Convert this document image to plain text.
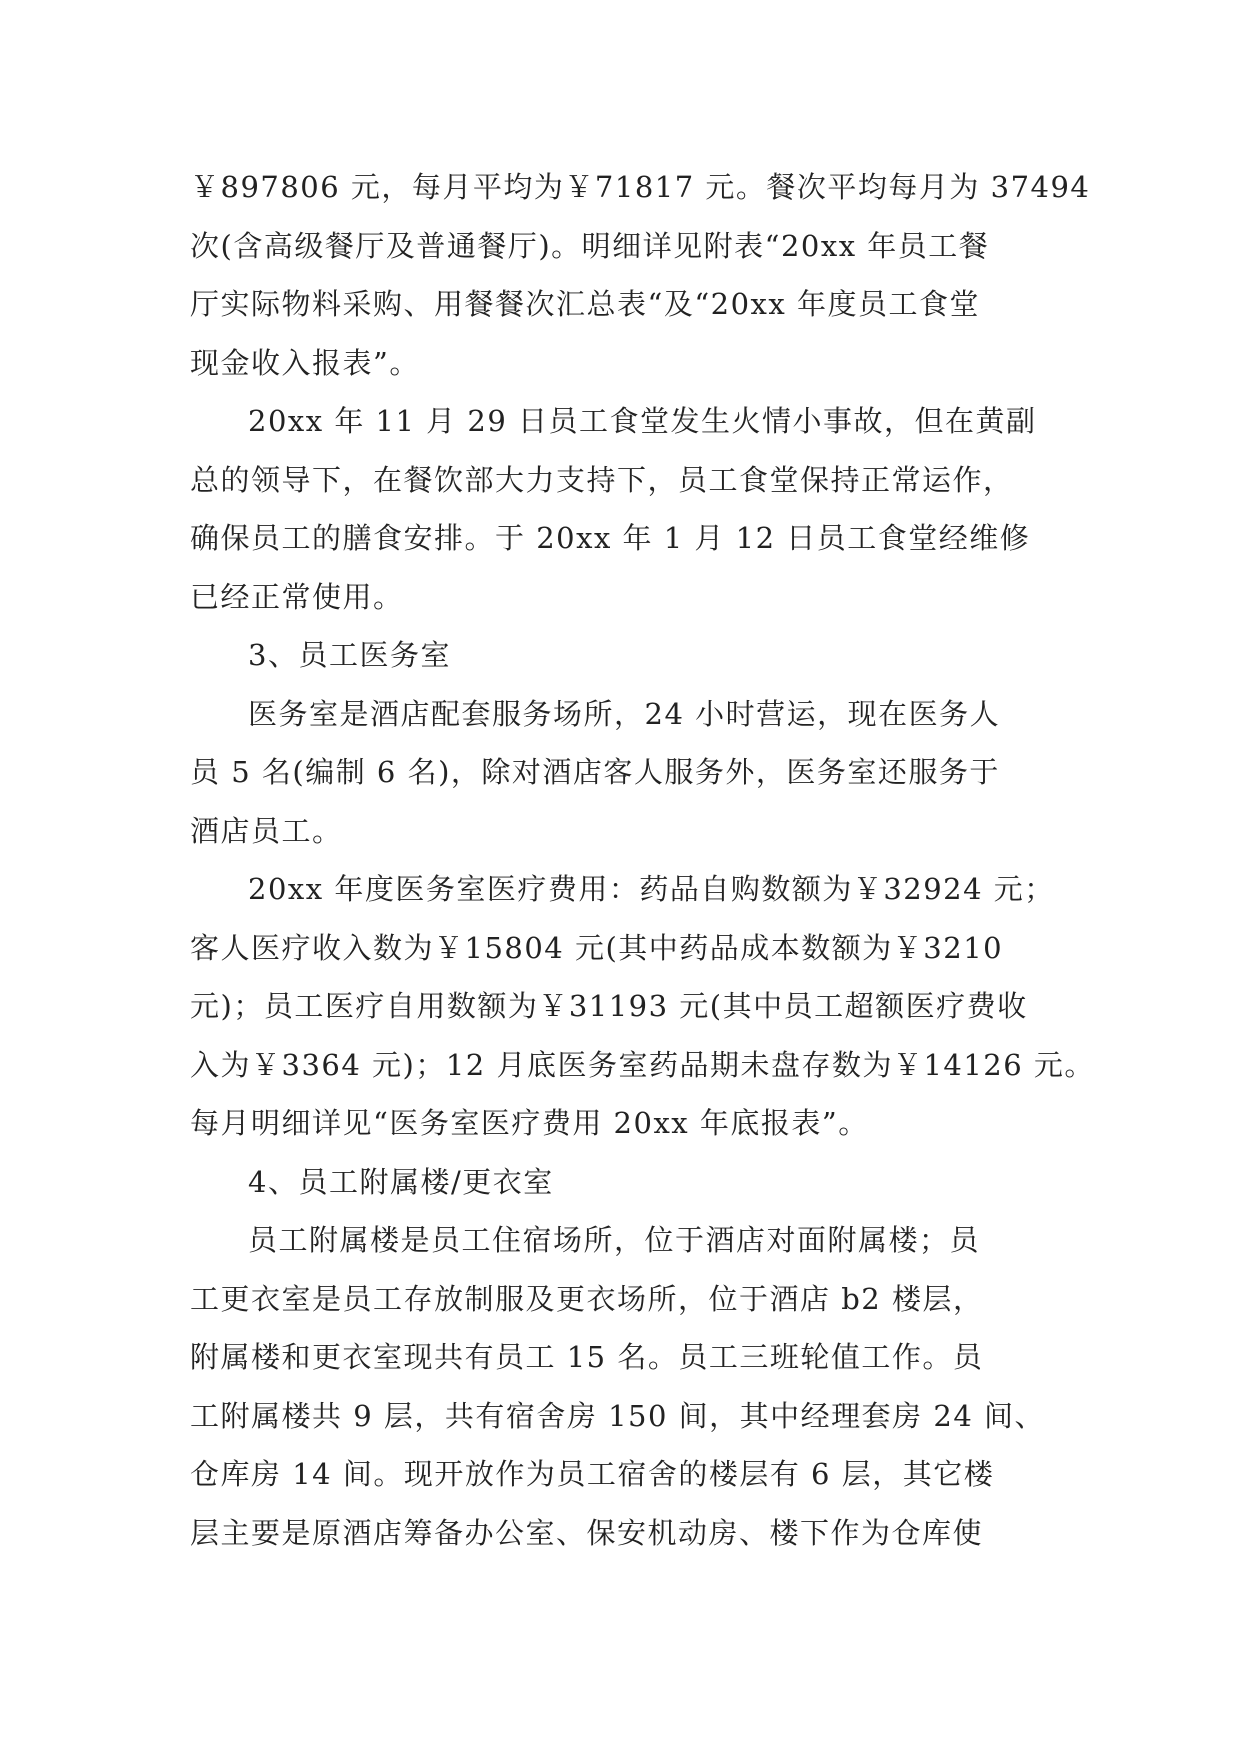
￥897806 元，每月平均为￥71817 元。餐次平均每月为 37494
次(含高级餐厅及普通餐厅)。明细详见附表“20xx 年员工餐
厅实际物料采购、用餐餐次汇总表“及“20xx 年度员工食堂
现金收入报表”。

20xx 年 11 月 29 日员工食堂发生火情小事故，但在黄副
总的领导下，在餐饮部大力支持下，员工食堂保持正常运作，
确保员工的膳食安排。于 20xx 年 1 月 12 日员工食堂经维修
已经正常使用。

3、员工医务室

医务室是酒店配套服务场所，24 小时营运，现在医务人
员 5 名(编制 6 名)，除对酒店客人服务外，医务室还服务于
酒店员工。

20xx 年度医务室医疗费用：药品自购数额为￥32924 元；
客人医疗收入数为￥15804 元(其中药品成本数额为￥3210
元)；员工医疗自用数额为￥31193 元(其中员工超额医疗费收
入为￥3364 元)；12 月底医务室药品期未盘存数为￥14126 元。
每月明细详见“医务室医疗费用 20xx 年底报表”。

4、员工附属楼/更衣室

员工附属楼是员工住宿场所，位于酒店对面附属楼；员
工更衣室是员工存放制服及更衣场所，位于酒店 b2 楼层，
附属楼和更衣室现共有员工 15 名。员工三班轮值工作。员
工附属楼共 9 层，共有宿舍房 150 间，其中经理套房 24 间、
仓库房 14 间。现开放作为员工宿舍的楼层有 6 层，其它楼
层主要是原酒店筹备办公室、保安机动房、楼下作为仓库使
